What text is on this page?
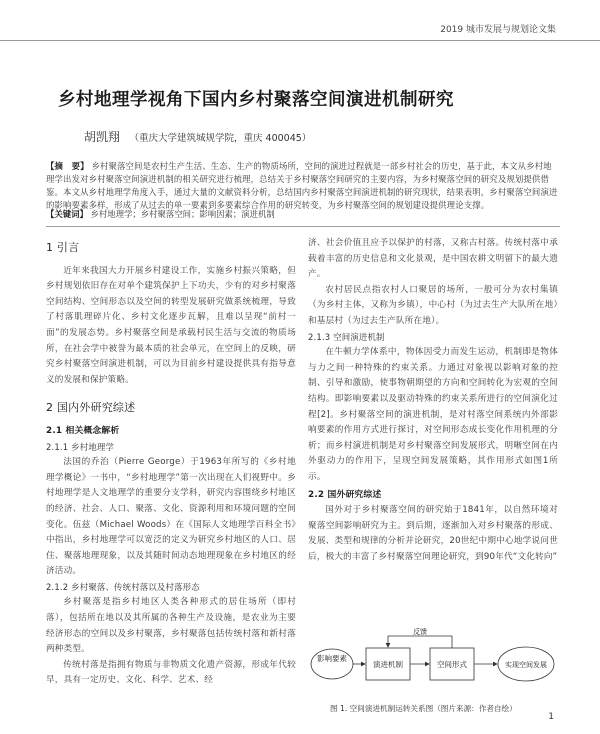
2019 城市发展与规划论文集
乡村地理学视角下国内乡村聚落空间演进机制研究
胡凯翔 （重庆大学建筑城规学院，重庆 400045）
【摘　要】 乡村聚落空间是农村生产生活、生态、生产的物质场所，空间的演进过程就是一部乡村社会的历史，基于此，本文从乡村地理学出发对乡村聚落空间演进机制的相关研究进行梳理，总结关于乡村聚落空间研究的主要内容，为乡村聚落空间的研究及规划提供借鉴。本文从乡村地理学角度入手，通过大量的文献资料分析，总结国内乡村聚落空间演进机制的研究现状，结果表明，乡村聚落空间演进的影响要素多样，形成了从过去的单一要素到多要素综合作用的研究转变，为乡村聚落空间的规划建设提供理论支撑。
【关键词】 乡村地理学；乡村聚落空间；影响因素；演进机制
1 引言

近年来我国大力开展乡村建设工作，实施乡村振兴策略，但乡村规划依旧存在对单个建筑保护上下功夫，少有的对乡村聚落空间结构、空间形态以及空间的转型发展研究做系统梳理，导致了村落肌理碎片化、乡村文化逐步瓦解，且难以呈现“前村一面”的发展态势。乡村聚落空间是承载村民生活与交流的物质场所，在社会学中被誉为最本质的社会单元，在空间上的反映，研究乡村聚落空间演进机制，可以为目前乡村建设提供具有指导意义的发展和保护策略。

2 国内外研究综述
2.1 相关概念解析
2.1.1 乡村地理学

法国的乔治（Pierre George）于1963年所写的《乡村地理学概论》一书中，“乡村地理学”第一次出现在人们视野中。乡村地理学是人文地理学的重要分支学科，研究内容围绕乡村地区的经济、社会、人口、聚落、文化、资源利用和环境问题的空间变化。伍兹（Michael Woods）在《国际人文地理学百科全书》中指出，乡村地理学可以宽泛的定义为研究乡村地区的人口、居住、聚落地理现象，以及其随时间动态地理现象在乡村地区的经济活动。

2.1.2 乡村聚落、传统村落以及村落形态

乡村聚落是指乡村地区人类各种形式的居住场所（即村落），包括所在地以及其所属的各种生产及设施，是农业为主要经济形态的空间以及乡村聚落，乡村聚落包括传统村落和新村落两种类型。

传统村落是指拥有物质与非物质文化遗产资源，形成年代较早，具有一定历史、文化、科学、艺术、经

济、社会价值且应予以保护的村落，又称古村落。传统村落中承载着丰富的历史信息和文化景观，是中国农耕文明留下的最大遗产。

农村居民点指农村人口聚居的场所，一般可分为农村集镇（为乡村主体，又称为乡镇），中心村（为过去生产大队所在地）和基层村（为过去生产队所在地）。

2.1.3 空间演进机制

在牛顿力学体系中，物体因受力而发生运动，机制即是物体与力之间一种特殊的约束关系。力通过对象视以影响对象的控制、引导和激励，使事物朝期望的方向和空间转化为宏观的空间结构。即影响要素以及驱动特殊的约束关系所进行的空间演化过程[2]。乡村聚落空间的演进机制，是对村落空间系统内外部影响要素的作用方式进行探讨，对空间形态成长变化作用机理的分析；而乡村演进机制是对乡村聚落空间发展形式，明晰空间在内外驱动力的作用下，呈现空间发展策略，其作用形式如图1所示。

2.2 国外研究综述

国外对于乡村聚落空间的研究始于1841年，以自然环境对聚落空间影响研究为主。到后期，逐渐加入对乡村聚落的形成、发展、类型和规律的分析并论研究，20世纪中期中心地学说问世后，极大的丰富了乡村聚落空间理论研究，到90年代“文化转向”

影响要素
演进机制	空间形式	实现空间发展
反馈
图 1. 空间演进机制运转关系图（图片来源：作者自绘）
1
